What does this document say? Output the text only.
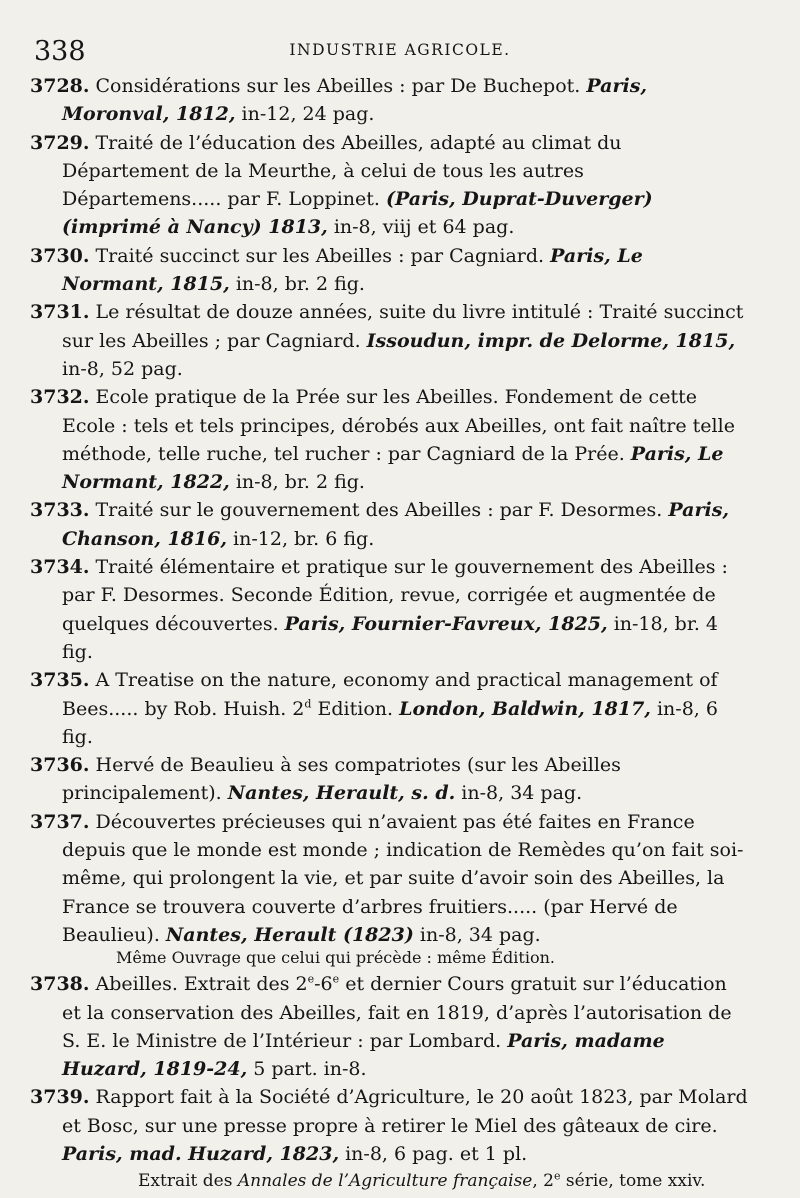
338	INDUSTRIE AGRICOLE.

3728. Considérations sur les Abeilles : par De Buchepot. Paris, Moronval, 1812, in-12, 24 pag.

3729. Traité de l’éducation des Abeilles, adapté au climat du Département de la Meurthe, à celui de tous les autres Départemens..... par F. Loppinet. (Paris, Duprat-Duverger) (imprimé à Nancy) 1813, in-8, viij et 64 pag.

3730. Traité succinct sur les Abeilles : par Cagniard. Paris, Le Normant, 1815, in-8, br. 2 fig.

3731. Le résultat de douze années, suite du livre intitulé : Traité succinct sur les Abeilles ; par Cagniard. Issoudun, impr. de Delorme, 1815, in-8, 52 pag.

3732. Ecole pratique de la Prée sur les Abeilles. Fondement de cette Ecole : tels et tels principes, dérobés aux Abeilles, ont fait naître telle méthode, telle ruche, tel rucher : par Cagniard de la Prée. Paris, Le Normant, 1822, in-8, br. 2 fig.

3733. Traité sur le gouvernement des Abeilles : par F. Desormes. Paris, Chanson, 1816, in-12, br. 6 fig.

3734. Traité élémentaire et pratique sur le gouvernement des Abeilles : par F. Desormes. Seconde Édition, revue, corrigée et augmentée de quelques découvertes. Paris, Fournier-Favreux, 1825, in-18, br. 4 fig.

3735. A Treatise on the nature, economy and practical management of Bees..... by Rob. Huish. 2$^d$ Edition. London, Baldwin, 1817, in-8, 6 fig.

3736. Hervé de Beaulieu à ses compatriotes (sur les Abeilles principalement). Nantes, Herault, s. d. in-8, 34 pag.

3737. Découvertes précieuses qui n’avaient pas été faites en France depuis que le monde est monde ; indication de Remèdes qu’on fait soi-même, qui prolongent la vie, et par suite d’avoir soin des Abeilles, la France se trouvera couverte d’arbres fruitiers..... (par Hervé de Beaulieu). Nantes, Herault (1823) in-8, 34 pag.

Même Ouvrage que celui qui précède : même Édition.

3738. Abeilles. Extrait des 2e-6e et dernier Cours gratuit sur l’éducation et la conservation des Abeilles, fait en 1819, d’après l’autorisation de S. E. le Ministre de l’Intérieur : par Lombard. Paris, madame Huzard, 1819-24, 5 part. in-8.

3739. Rapport fait à la Société d’Agriculture, le 20 août 1823, par Molard et Bosc, sur une presse propre à retirer le Miel des gâteaux de cire. Paris, mad. Huzard, 1823, in-8, 6 pag. et 1 pl.

Extrait des Annales de l’Agriculture française, 2e série, tome xxiv.
